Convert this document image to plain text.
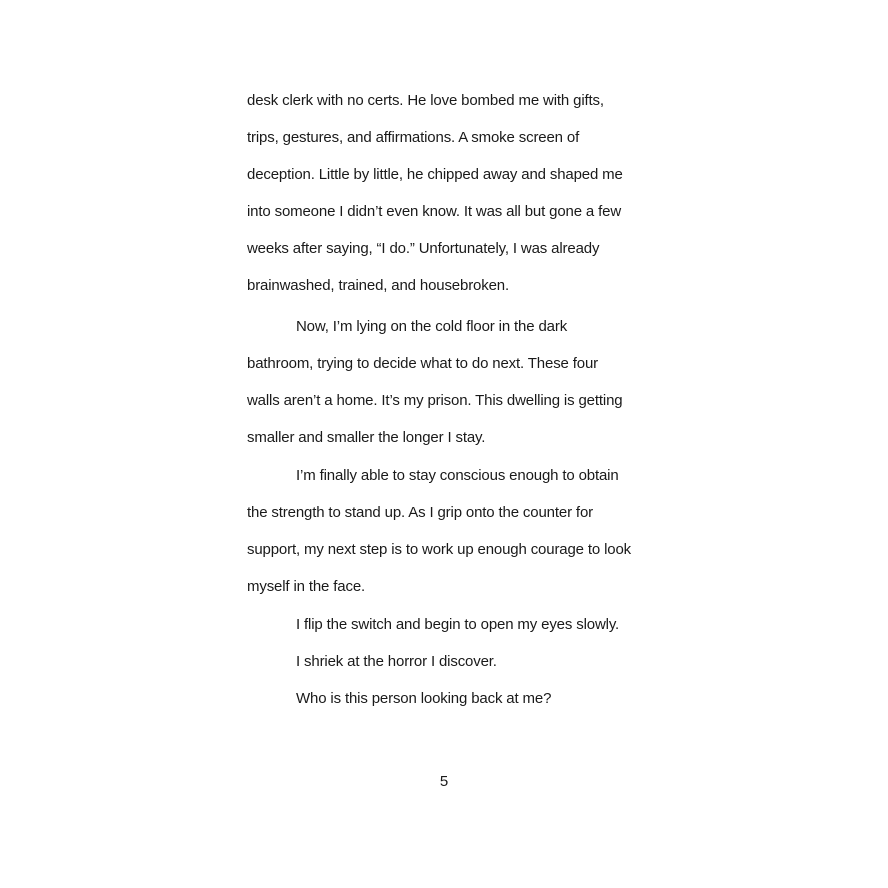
desk clerk with no certs. He love bombed me with gifts,
trips, gestures, and affirmations. A smoke screen of
deception. Little by little, he chipped away and shaped me
into someone I didn’t even know. It was all but gone a few
weeks after saying, “I do.” Unfortunately, I was already
brainwashed, trained, and housebroken.
Now, I’m lying on the cold floor in the dark
bathroom, trying to decide what to do next. These four
walls aren’t a home. It’s my prison. This dwelling is getting
smaller and smaller the longer I stay.
I’m finally able to stay conscious enough to obtain
the strength to stand up. As I grip onto the counter for
support, my next step is to work up enough courage to look
myself in the face.
I flip the switch and begin to open my eyes slowly.
I shriek at the horror I discover.
Who is this person looking back at me?
5
